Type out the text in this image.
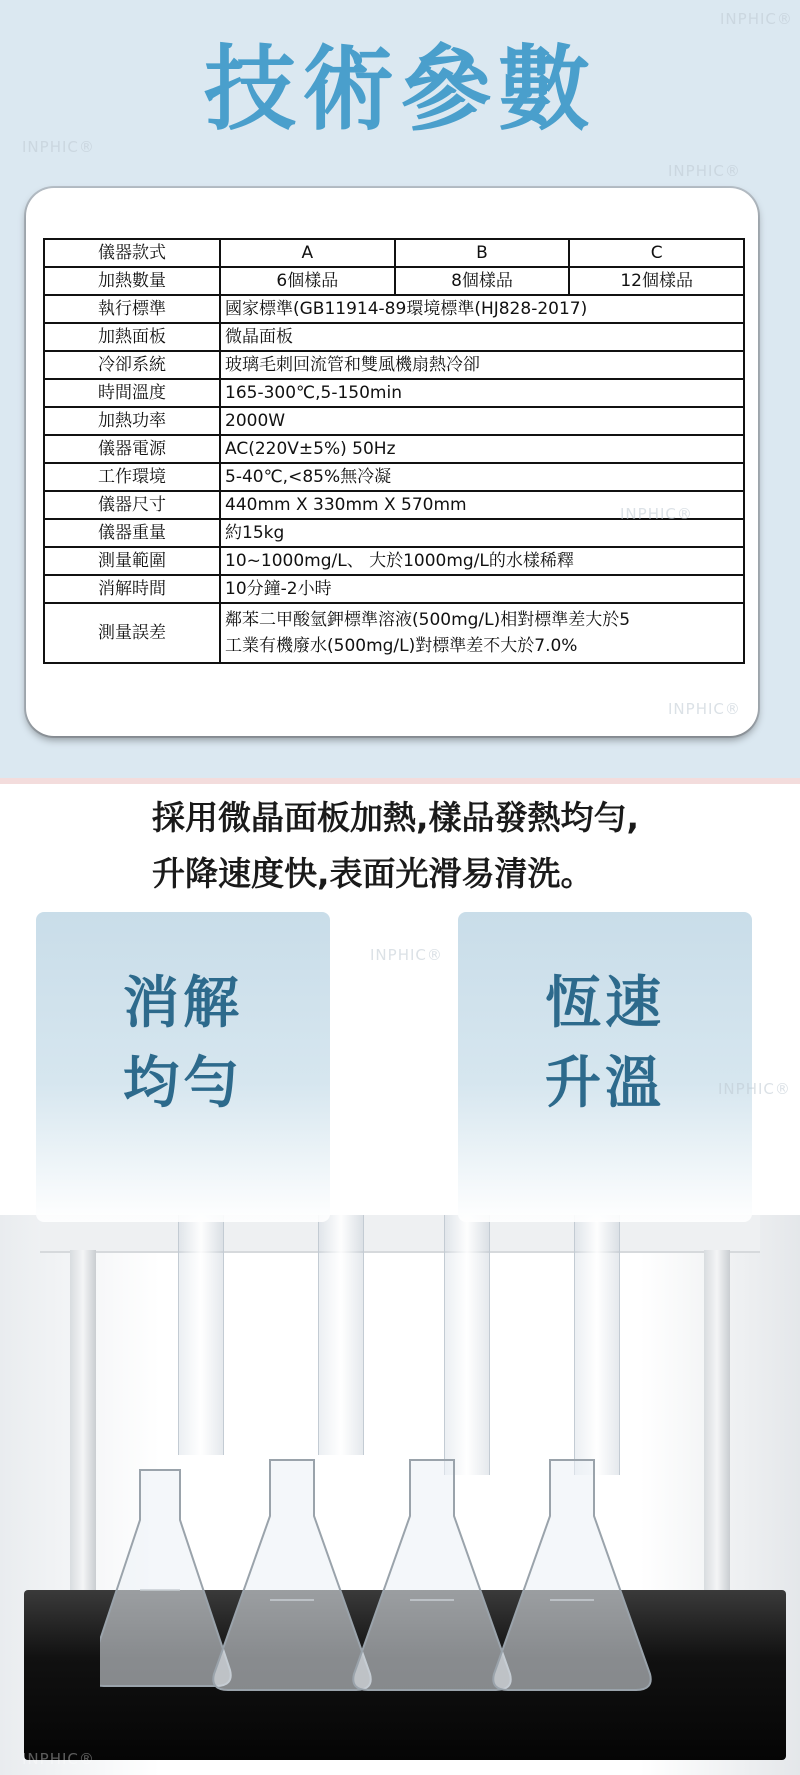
技術參數
儀器款式	A	B	C
加熱數量	6個樣品	8個樣品	12個樣品
執行標準	國家標準(GB11914-89環境標準(HJ828-2017)		
加熱面板	微晶面板		
冷卻系統	玻璃毛刺回流管和雙風機扇熱冷卻		
時間溫度	165-300℃,5-150min		
加熱功率	2000W		
儀器電源	AC(220V±5%) 50Hz		
工作環境	5-40℃,<85%無冷凝		
儀器尺寸	440mm X 330mm X 570mm		
儀器重量	約15kg		
測量範圍	10~1000mg/L、 大於1000mg/L的水樣稀釋		
消解時間	10分鐘-2小時		
測量誤差	鄰苯二甲酸氫鉀標準溶液(500mg/L)相對標準差大於5
工業有機廢水(500mg/L)對標準差不大於7.0%		
採用微晶面板加熱,樣品發熱均勻,
升降速度快,表面光滑易清洗。
消解
均勻
恆速
升溫
INPHIC®
INPHIC®
INPHIC®
INPHIC®
INPHIC®
INPHIC®
INPHIC®
INPHIC®
